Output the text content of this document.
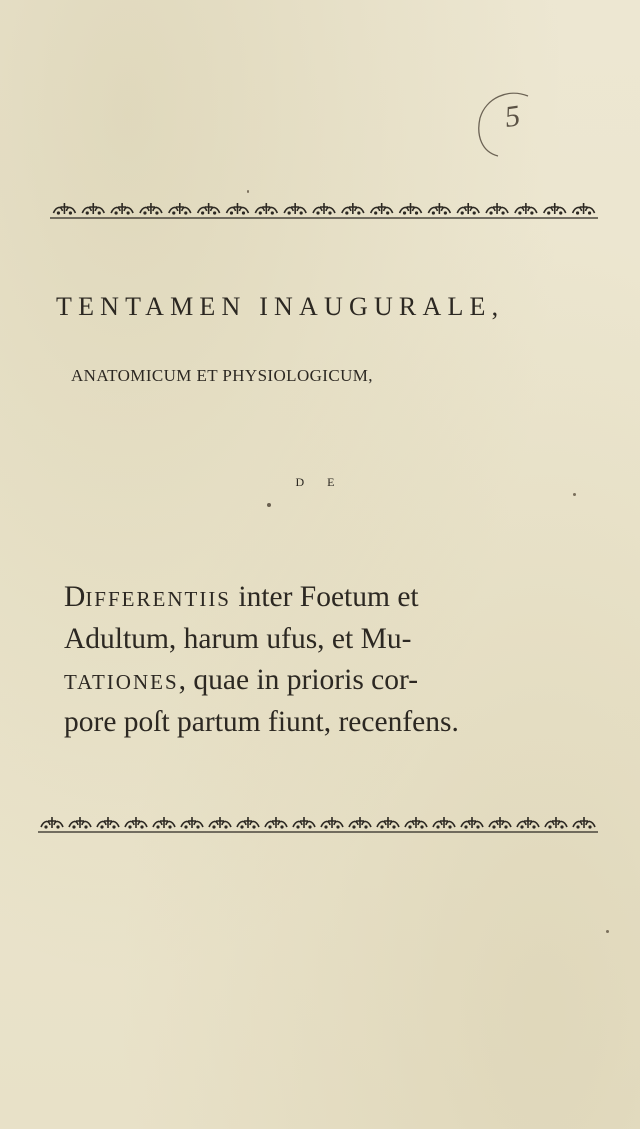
5
TENTAMEN INAUGURALE,
ANATOMICUM ET PHYSIOLOGICUM,
D E
Differentiis inter Foetum et
Adultum, harum ufus, et Mu-
tationes, quae in prioris cor-
pore poſt partum fiunt, recenfens.
